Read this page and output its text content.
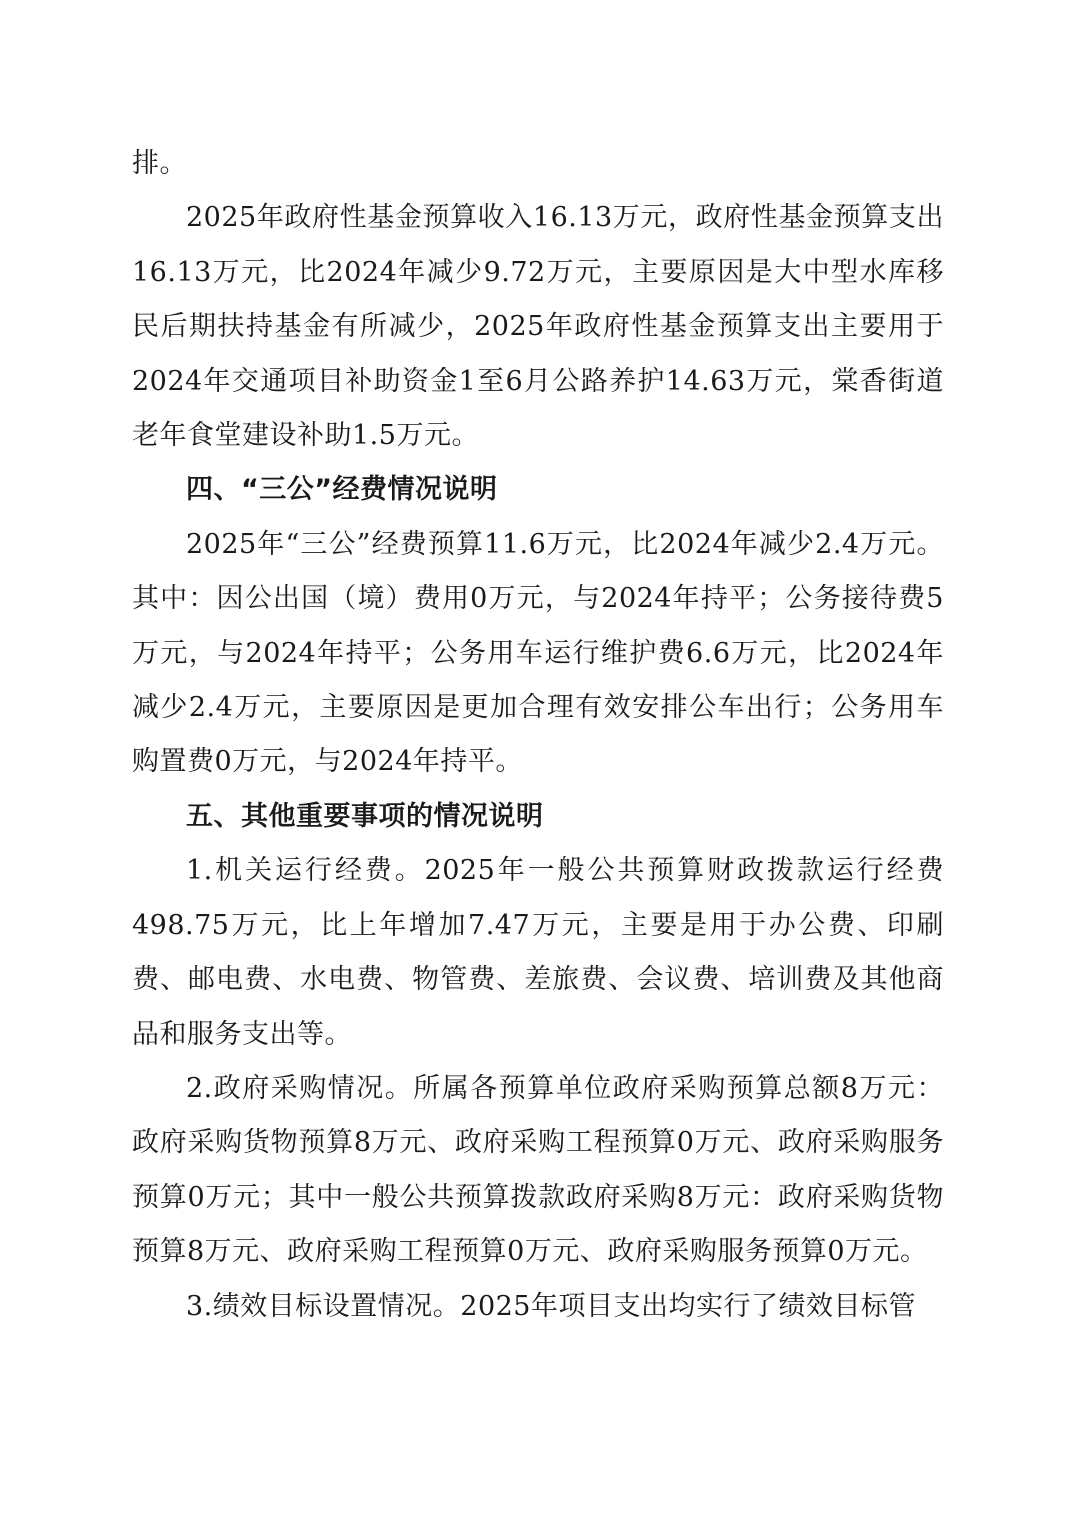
排。

2025年政府性基金预算收入16.13万元，政府性基金预算支出16.13万元，比2024年减少9.72万元，主要原因是大中型水库移民后期扶持基金有所减少，2025年政府性基金预算支出主要用于2024年交通项目补助资金1至6月公路养护14.63万元，棠香街道老年食堂建设补助1.5万元。

四、“三公”经费情况说明

2025年“三公”经费预算11.6万元，比2024年减少2.4万元。其中：因公出国（境）费用0万元，与2024年持平；公务接待费5万元，与2024年持平；公务用车运行维护费6.6万元，比2024年减少2.4万元，主要原因是更加合理有效安排公车出行；公务用车购置费0万元，与2024年持平。

五、其他重要事项的情况说明

1.机关运行经费。2025年一般公共预算财政拨款运行经费498.75万元，比上年增加7.47万元，主要是用于办公费、印刷费、邮电费、水电费、物管费、差旅费、会议费、培训费及其他商品和服务支出等。

2.政府采购情况。所属各预算单位政府采购预算总额8万元：政府采购货物预算8万元、政府采购工程预算0万元、政府采购服务预算0万元；其中一般公共预算拨款政府采购8万元：政府采购货物预算8万元、政府采购工程预算0万元、政府采购服务预算0万元。

3.绩效目标设置情况。2025年项目支出均实行了绩效目标管
